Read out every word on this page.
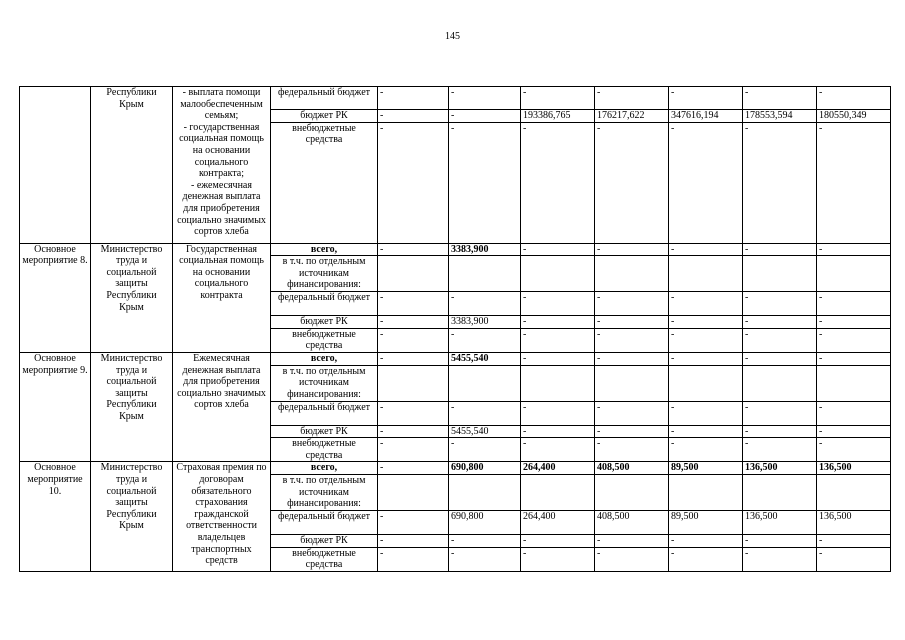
145
	Республики Крым	- выплата помощи малообеспеченным семьям;
- государственная социальная помощь на основании социального контракта;
- ежемесячная денежная выплата для приобретения социально значимых сортов хлеба	федеральный бюджет	-	-	-	-	-	-	-
			бюджет РК	-	-	193386,765	176217,622	347616,194	178553,594	180550,349
			внебюджетные средства	-	-	-	-	-	-	-
Основное мероприятие 8.	Министерство труда и социальной защиты Республики Крым	Государственная социальная помощь на основании социального контракта	всего,	-	3383,900	-	-	-	-	-
			в т.ч. по отдельным источникам финансирования:							
			федеральный бюджет	-	-	-	-	-	-	-
			бюджет РК	-	3383,900	-	-	-	-	-
			внебюджетные средства	-	-	-	-	-	-	-
Основное мероприятие 9.	Министерство труда и социальной защиты Республики Крым	Ежемесячная денежная выплата для приобретения социально значимых сортов хлеба	всего,	-	5455,540	-	-	-	-	-
			в т.ч. по отдельным источникам финансирования:							
			федеральный бюджет	-	-	-	-	-	-	-
			бюджет РК	-	5455,540	-	-	-	-	-
			внебюджетные средства	-	-	-	-	-	-	-
Основное мероприятие 10.	Министерство труда и социальной защиты Республики Крым	Страховая премия по договорам обязательного страхования гражданской ответственности владельцев транспортных средств	всего,	-	690,800	264,400	408,500	89,500	136,500	136,500
			в т.ч. по отдельным источникам финансирования:							
			федеральный бюджет	-	690,800	264,400	408,500	89,500	136,500	136,500
			бюджет РК	-	-	-	-	-	-	-
			внебюджетные средства	-	-	-	-	-	-	-
